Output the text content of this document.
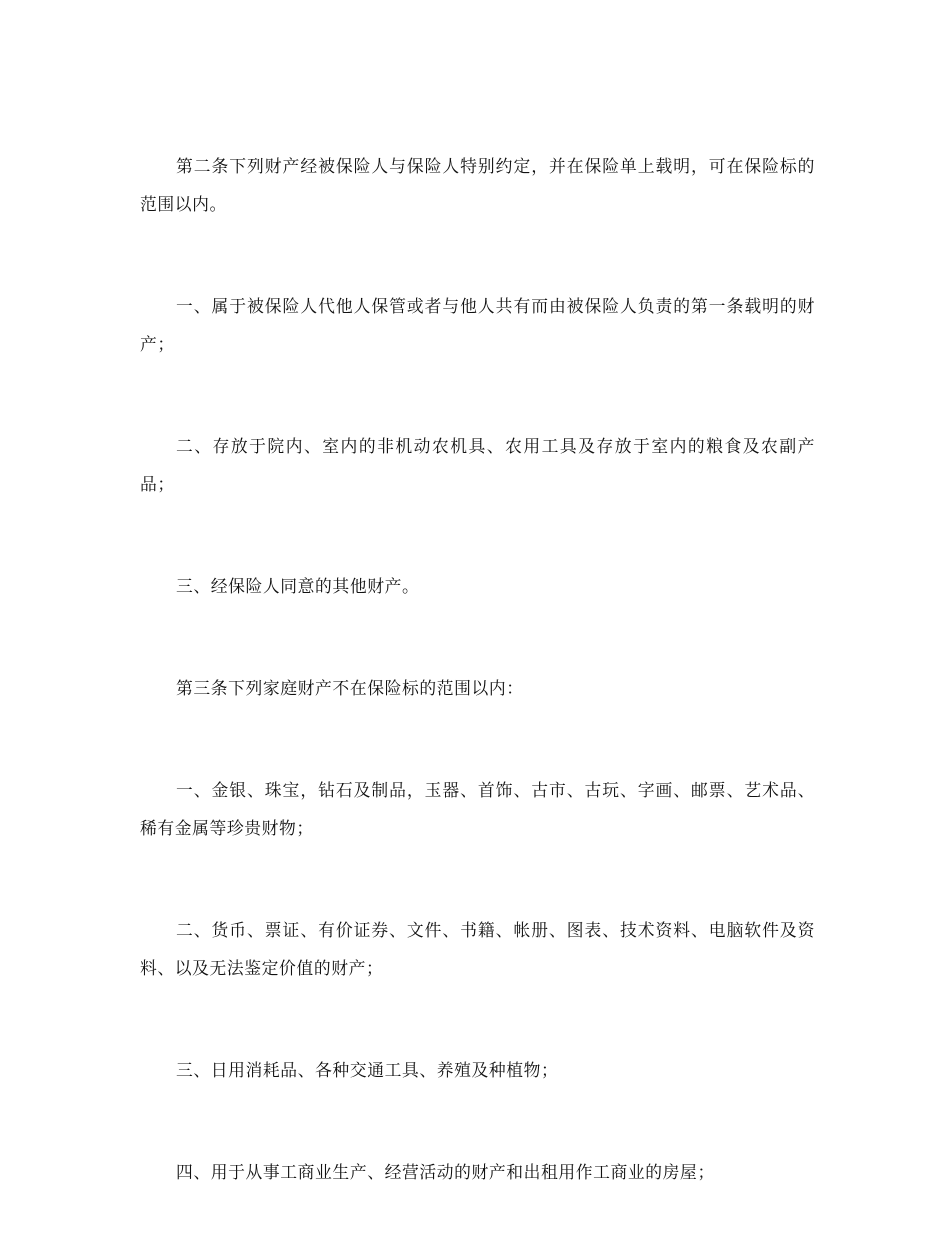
第二条下列财产经被保险人与保险人特别约定，并在保险单上载明，可在保险标的范围以内。

一、属于被保险人代他人保管或者与他人共有而由被保险人负责的第一条载明的财产；

二、存放于院内、室内的非机动农机具、农用工具及存放于室内的粮食及农副产品；

三、经保险人同意的其他财产。

第三条下列家庭财产不在保险标的范围以内：

一、金银、珠宝，钻石及制品，玉器、首饰、古市、古玩、字画、邮票、艺术品、稀有金属等珍贵财物；

二、货币、票证、有价证券、文件、书籍、帐册、图表、技术资料、电脑软件及资料、以及无法鉴定价值的财产；

三、日用消耗品、各种交通工具、养殖及种植物；

四、用于从事工商业生产、经营活动的财产和出租用作工商业的房屋；
